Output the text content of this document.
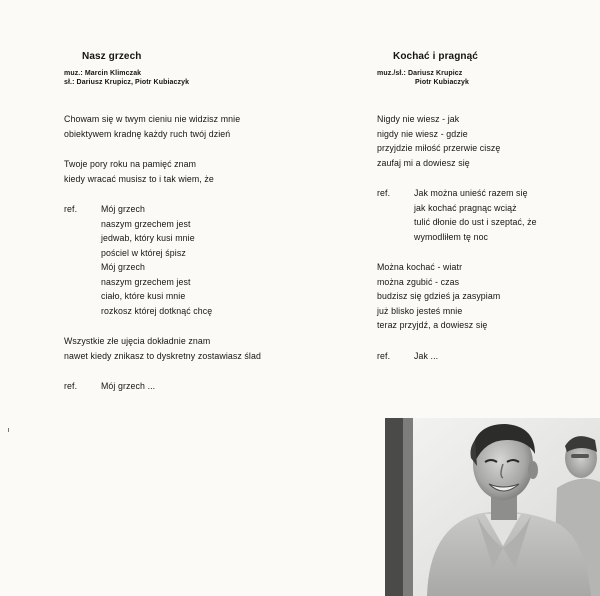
Nasz grzech
muz.: Marcin Klimczak
sł.: Dariusz Krupicz, Piotr Kubiaczyk
Chowam się w twym cieniu nie widzisz mnie
obiektywem kradnę każdy ruch twój dzień
Twoje pory roku na pamięć znam
kiedy wracać musisz to i tak wiem, że
ref.	Mój grzech
naszym grzechem jest
jedwab, który kusi mnie
pościel w której śpisz
Mój grzech
naszym grzechem jest
ciało, które kusi mnie
rozkosz której dotknąć chcę
Wszystkie złe ujęcia dokładnie znam
nawet kiedy znikasz to dyskretny zostawiasz ślad
ref.	Mój grzech ...
Kochać i pragnąć
muz./sł.: Dariusz Krupicz
Piotr Kubiaczyk
Nigdy nie wiesz - jak
nigdy nie wiesz - gdzie
przyjdzie miłość przerwie ciszę
zaufaj mi a dowiesz się
ref.	Jak można unieść razem się
jak kochać pragnąc wciąż
tulić dłonie do ust i szeptać, że
wymodliłem tę noc
Można kochać - wiatr
można zgubić - czas
budzisz się gdzieś ja zasypiam
już blisko jesteś mnie
teraz przyjdź, a dowiesz się
ref.	Jak ...
